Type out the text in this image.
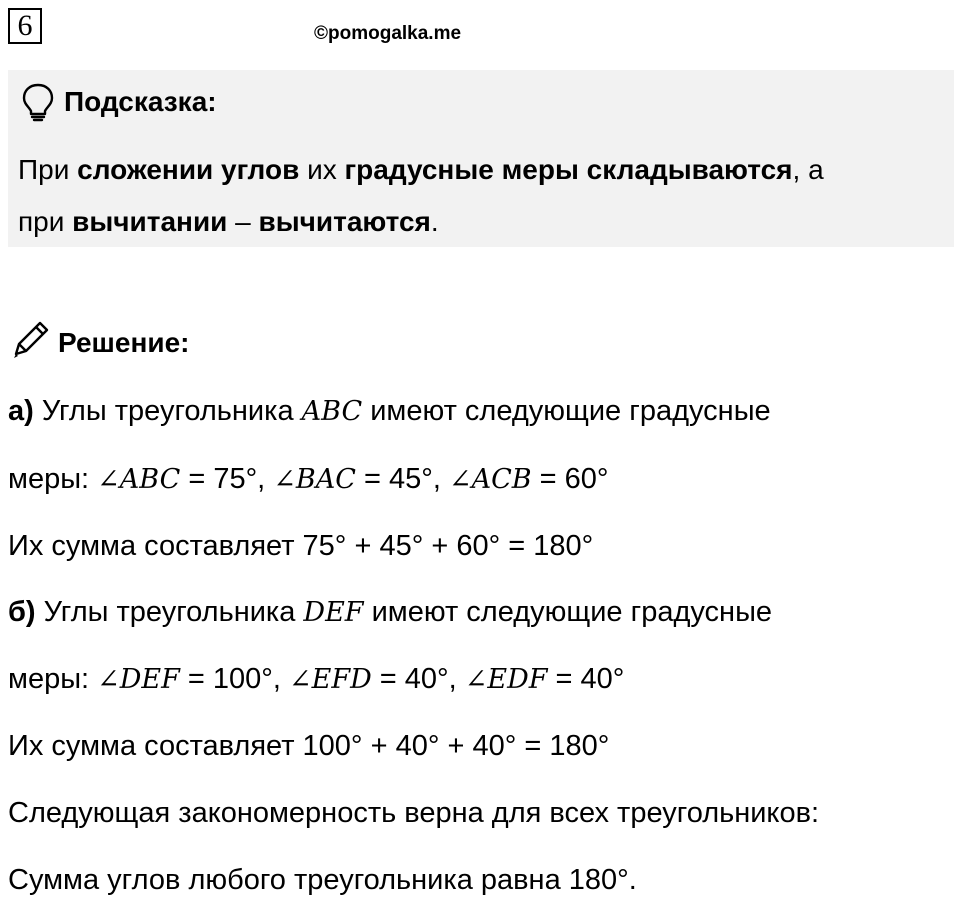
6	©pomogalka.me
Подсказка:
При сложении углов их градусные меры складываются, а
при вычитании – вычитаются.
Решение:
а) Углы треугольника ABC имеют следующие градусные
меры: ∠ABC = 75°, ∠BAC = 45°, ∠ACB = 60°
Их сумма составляет 75° + 45° + 60° = 180°
б) Углы треугольника DEF имеют следующие градусные
меры: ∠DEF = 100°, ∠EFD = 40°, ∠EDF = 40°
Их сумма составляет 100° + 40° + 40° = 180°
Следующая закономерность верна для всех треугольников:
Сумма углов любого треугольника равна 180°.
